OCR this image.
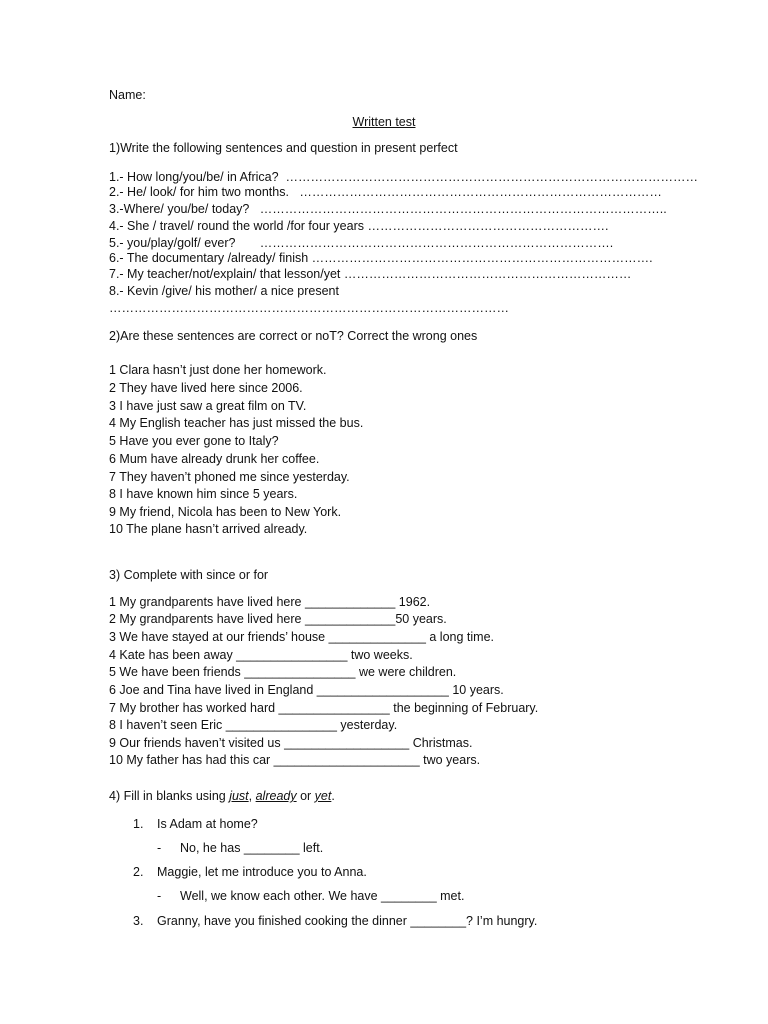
Name:
Written test
1)Write the following sentences and question in present perfect
1.- How long/you/be/ in Africa?  ………………………………………………………………………………………
2.- He/ look/ for him two months.   ……………………………………………………………………………
3.-Where/ you/be/ today?   ……………………………………………………………………………………..
4.- She / travel/ round the world /for four years ………………………………………………….
5.- you/play/golf/ ever?       ………………………………………………………………………….
6.- The documentary /already/ finish ……………………………………………………………………….
7.- My teacher/not/explain/ that lesson/yet ……………………………………………………………
8.- Kevin /give/ his mother/ a nice present
……………………………………………………………………………………
2)Are these sentences are correct or noT? Correct the wrong ones
1 Clara hasn’t just done her homework.
2 They have lived here since 2006.
3 I have just saw a great film on TV.
4 My English teacher has just missed the bus.
5 Have you ever gone to Italy?
6 Mum have already drunk her coffee.
7 They haven’t phoned me since yesterday.
8 I have known him since 5 years.
9 My friend, Nicola has been to New York.
10 The plane hasn’t arrived already.
3) Complete with since or for
1 My grandparents have lived here _____________ 1962.
2 My grandparents have lived here _____________50 years.
3 We have stayed at our friends’ house ______________ a long time.
4 Kate has been away ________________ two weeks.
5 We have been friends ________________ we were children.
6 Joe and Tina have lived in England ___________________ 10 years.
7 My brother has worked hard ________________ the beginning of February.
8 I haven’t seen Eric ________________ yesterday.
9 Our friends haven’t visited us __________________ Christmas.
10 My father has had this car _____________________ two years.
4) Fill in blanks using just, already or yet.
1. Is Adam at home?
- No, he has ________ left.
2. Maggie, let me introduce you to Anna.
- Well, we know each other. We have ________ met.
3. Granny, have you finished cooking the dinner ________? I’m hungry.
